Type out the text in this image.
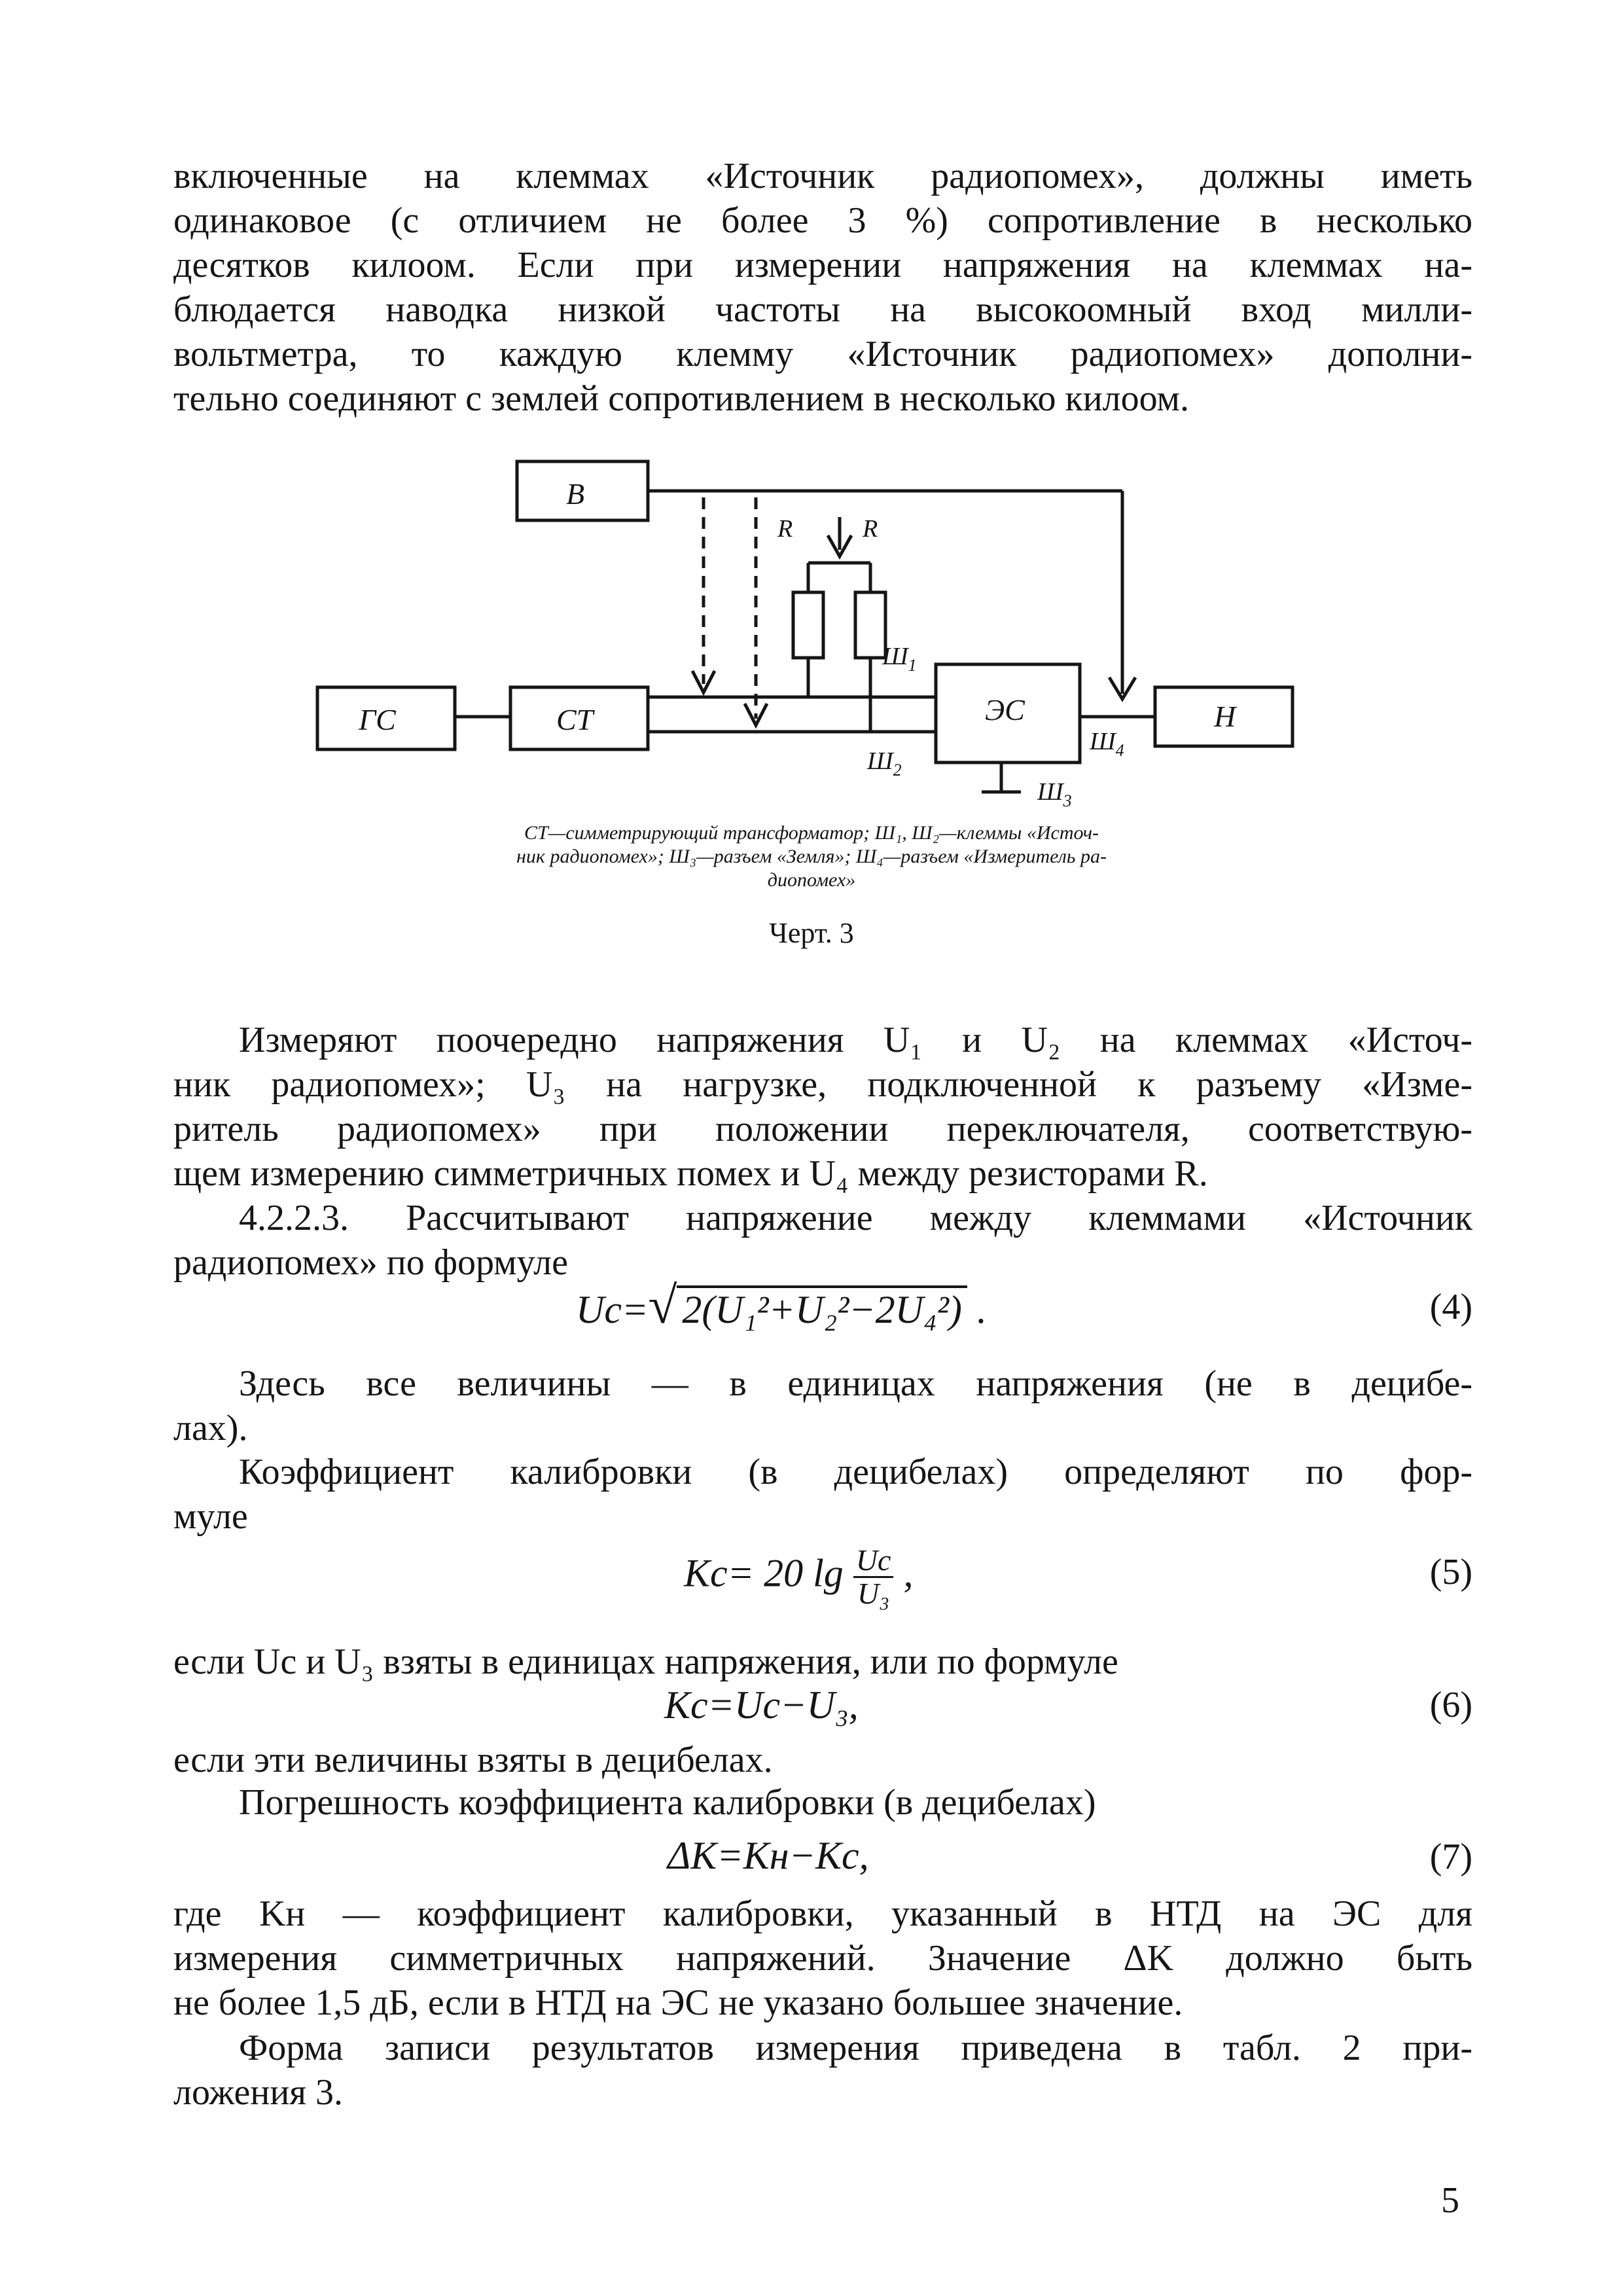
включенные на клеммах «Источник радиопомех», должны иметь
одинаковое (с отличием не более 3 %) сопротивление в несколько
десятков килоом. Если при измерении напряжения на клеммах на-
блюдается наводка низкой частоты на высокоомный вход милли-
вольтметра, то каждую клемму «Источник радиопомех» дополни-
тельно соединяют с землей сопротивлением в несколько килоом.
В
ГС	СТ	ЭС	Н
R	R
$Ш_1$
$Ш_2$
$Ш_4$
$Ш_3$
СТ—симметрирующий трансформатор; Ш₁, Ш₂—клеммы «Источ-
ник радиопомех»; Ш₃—разъем «Земля»; Ш₄—разъем «Измеритель ра-
диопомех»
Черт. 3
Измеряют поочередно напряжения U₁ и U₂ на клеммах «Источ-
ник радиопомех»; U₃ на нагрузке, подключенной к разъему «Изме-
ритель радиопомех» при положении переключателя, соответствую-
щем измерению симметричных помех и U₄ между резисторами R.
4.2.2.3. Рассчитывают напряжение между клеммами «Источник
радиопомех» по формуле
Uc=√ 2(U₁²+U₂²−2U₄²) .	(4)
Здесь все величины — в единицах напряжения (не в децибе-
лах).
Коэффициент калибровки (в децибелах) определяют по фор-
муле
Kc= 20 $\lg \frac{Uc}{\text{U₃}}$ ,	(5)
если Uc и U₃ взяты в единицах напряжения, или по формуле
Kc=Uc−U₃,	(6)
если эти величины взяты в децибелах.
Погрешность коэффициента калибровки (в децибелах)
ΔK=Kн−Kc,	(7)
где Kн — коэффициент калибровки, указанный в НТД на ЭС для
измерения симметричных напряжений. Значение ΔK должно быть
не более 1,5 дБ, если в НТД на ЭС не указано большее значение.
Форма записи результатов измерения приведена в табл. 2 при-
ложения 3.
5
